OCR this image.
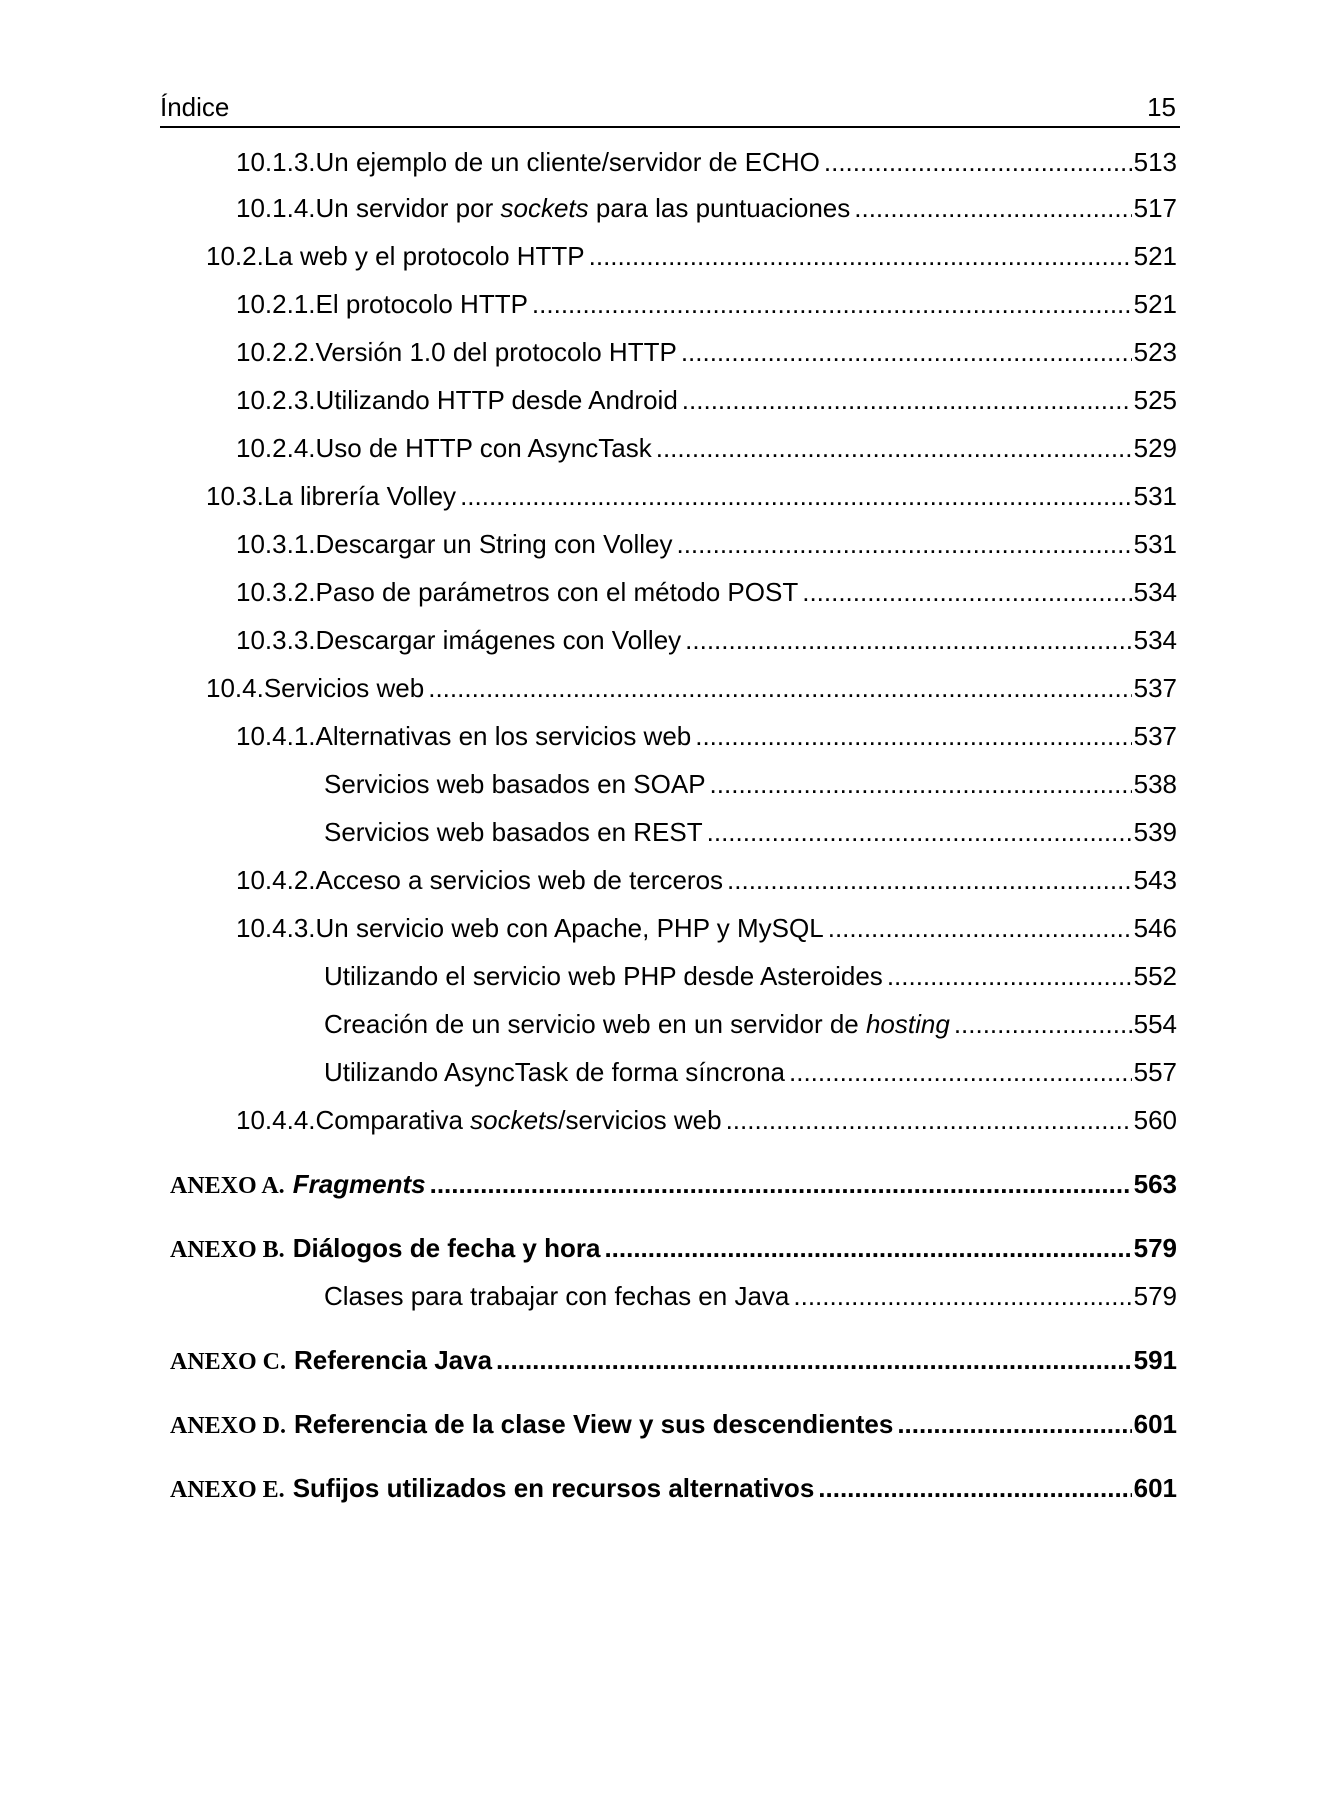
Índice	15
10.1.3. Un ejemplo de un cliente/servidor de ECHO .....	513
10.1.4. Un servidor por sockets para las puntuaciones .....	517
10.2. La web y el protocolo HTTP .....	521
10.2.1. El protocolo HTTP .....	521
10.2.2. Versión 1.0 del protocolo HTTP .....	523
10.2.3. Utilizando HTTP desde Android .....	525
10.2.4. Uso de HTTP con AsyncTask .....	529
10.3. La librería Volley .....	531
10.3.1. Descargar un String con Volley .....	531
10.3.2. Paso de parámetros con el método POST .....	534
10.3.3. Descargar imágenes con Volley .....	534
10.4. Servicios web .....	537
10.4.1. Alternativas en los servicios web .....	537
Servicios web basados en SOAP .....	538
Servicios web basados en REST .....	539
10.4.2. Acceso a servicios web de terceros .....	543
10.4.3. Un servicio web con Apache, PHP y MySQL .....	546
Utilizando el servicio web PHP desde Asteroides .....	552
Creación de un servicio web en un servidor de hosting .....	554
Utilizando AsyncTask de forma síncrona .....	557
10.4.4. Comparativa sockets/servicios web .....	560
ANEXO A. Fragments .....	563
ANEXO B. Diálogos de fecha y hora .....	579
Clases para trabajar con fechas en Java .....	579
ANEXO C. Referencia Java .....	591
ANEXO D. Referencia de la clase View y sus descendientes .....	601
ANEXO E. Sufijos utilizados en recursos alternativos .....	601
